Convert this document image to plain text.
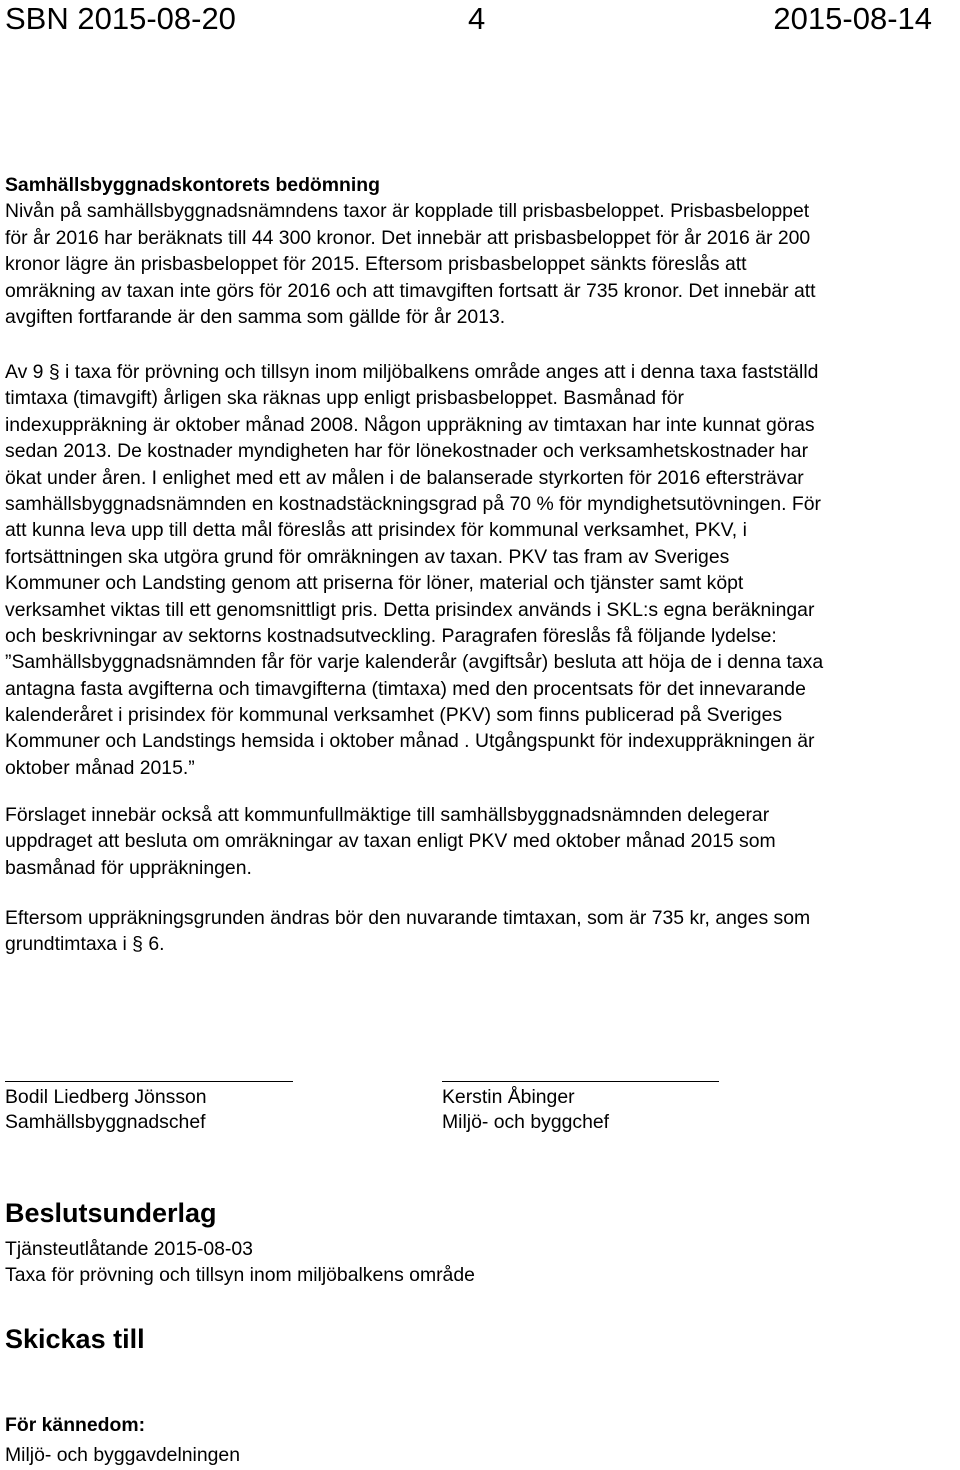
SBN 2015-08-20	4	2015-08-14
Samhällsbyggnadskontorets bedömning
Nivån på samhällsbyggnadsnämndens taxor är kopplade till prisbasbeloppet. Prisbasbeloppet
för år 2016 har beräknats till 44 300 kronor. Det innebär att prisbasbeloppet för år 2016 är 200
kronor lägre än prisbasbeloppet för 2015. Eftersom prisbasbeloppet sänkts föreslås att
omräkning av taxan inte görs för 2016 och att timavgiften fortsatt är 735 kronor. Det innebär att
avgiften fortfarande är den samma som gällde för år 2013.
Av 9 § i taxa för prövning och tillsyn inom miljöbalkens område anges att i denna taxa fastställd
timtaxa (timavgift) årligen ska räknas upp enligt prisbasbeloppet. Basmånad för
indexuppräkning är oktober månad 2008. Någon uppräkning av timtaxan har inte kunnat göras
sedan 2013. De kostnader myndigheten har för lönekostnader och verksamhetskostnader har
ökat under åren. I enlighet med ett av målen i de balanserade styrkorten för 2016 eftersträvar
samhällsbyggnadsnämnden en kostnadstäckningsgrad på 70 % för myndighetsutövningen. För
att kunna leva upp till detta mål föreslås att prisindex för kommunal verksamhet, PKV, i
fortsättningen ska utgöra grund för omräkningen av taxan. PKV tas fram av Sveriges
Kommuner och Landsting genom att priserna för löner, material och tjänster samt köpt
verksamhet viktas till ett genomsnittligt pris. Detta prisindex används i SKL:s egna beräkningar
och beskrivningar av sektorns kostnadsutveckling. Paragrafen föreslås få följande lydelse:
”Samhällsbyggnadsnämnden får för varje kalenderår (avgiftsår) besluta att höja de i denna taxa
antagna fasta avgifterna och timavgifterna (timtaxa) med den procentsats för det innevarande
kalenderåret i prisindex för kommunal verksamhet (PKV) som finns publicerad på Sveriges
Kommuner och Landstings hemsida i oktober månad . Utgångspunkt för indexuppräkningen är
oktober månad 2015.”
Förslaget innebär också att kommunfullmäktige till samhällsbyggnadsnämnden delegerar
uppdraget att besluta om omräkningar av taxan enligt PKV med oktober månad 2015 som
basmånad för uppräkningen.
Eftersom uppräkningsgrunden ändras bör den nuvarande timtaxan, som är 735 kr, anges som
grundtimtaxa i § 6.
Bodil Liedberg Jönsson
Samhällsbyggnadschef
Kerstin Åbinger
Miljö- och byggchef
Beslutsunderlag
Tjänsteutlåtande 2015-08-03
Taxa för prövning och tillsyn inom miljöbalkens område
Skickas till
För kännedom:
Miljö- och byggavdelningen
